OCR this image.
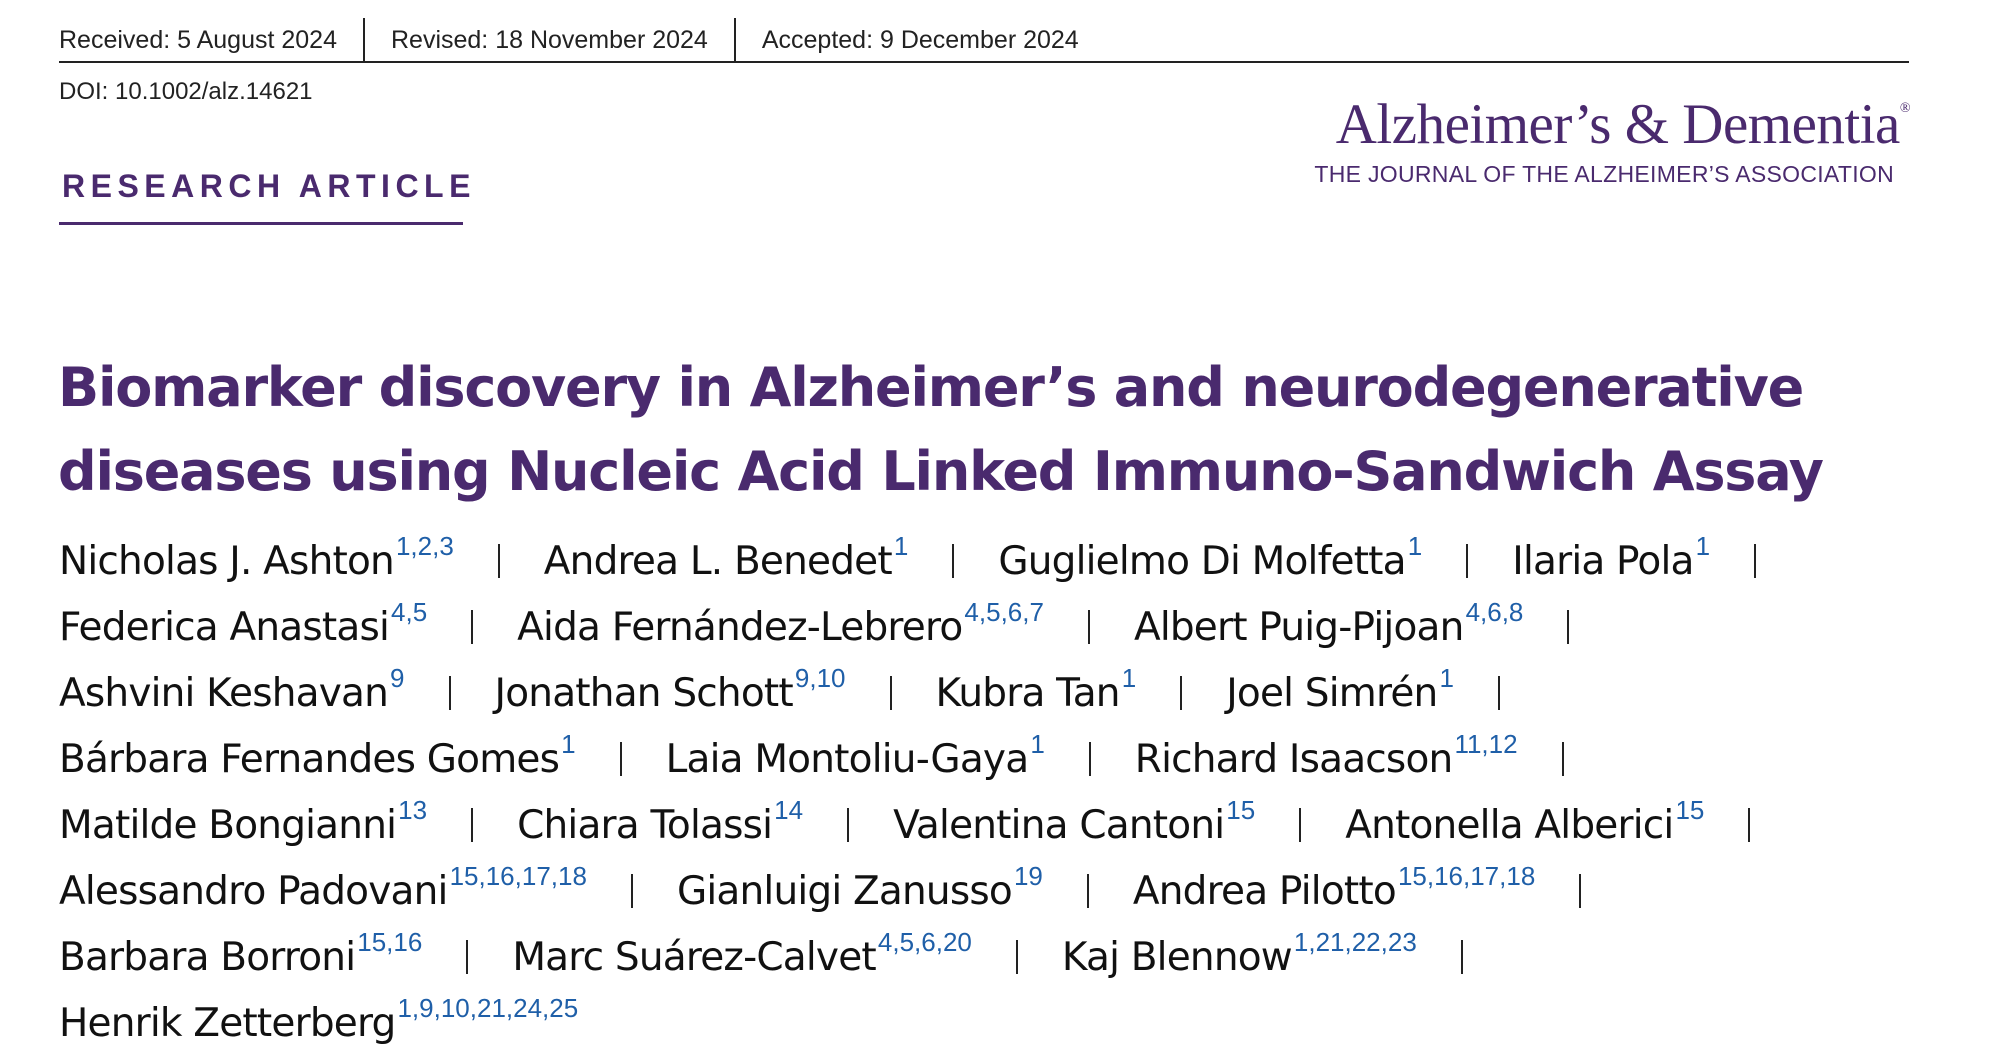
Received: 5 August 2024	Revised: 18 November 2024	Accepted: 9 December 2024
DOI: 10.1002/alz.14621
Alzheimer’s & Dementia®
THE JOURNAL OF THE ALZHEIMER’S ASSOCIATION
RESEARCH ARTICLE
Biomarker discovery in Alzheimer’s and neurodegenerative diseases using Nucleic Acid Linked Immuno-Sandwich Assay
Nicholas J. Ashton$^{1,2,3}$ Andrea L. Benedet$^1$ Guglielmo Di Molfetta$^1$ Ilaria Pola$^1$
Federica Anastasi$^{4,5}$ Aida Fernández-Lebrero$^{4,5,6,7}$ Albert Puig-Pijoan$^{4,6,8}$
Ashvini Keshavan$^9$ Jonathan Schott$^{9,10}$ Kubra Tan$^1$ Joel Simrén$^1$
Bárbara Fernandes Gomes$^1$ Laia Montoliu-Gaya$^1$ Richard Isaacson$^{11,12}$
Matilde Bongianni$^{13}$ Chiara Tolassi$^{14}$ Valentina Cantoni$^{15}$ Antonella Alberici$^{15}$
Alessandro Padovani$^{15,16,17,18}$ Gianluigi Zanusso$^{19}$ Andrea Pilotto$^{15,16,17,18}$
Barbara Borroni$^{15,16}$ Marc Suárez-Calvet$^{4,5,6,20}$ Kaj Blennow$^{1,21,22,23}$
Henrik Zetterberg$^{1,9,10,21,24,25}$
